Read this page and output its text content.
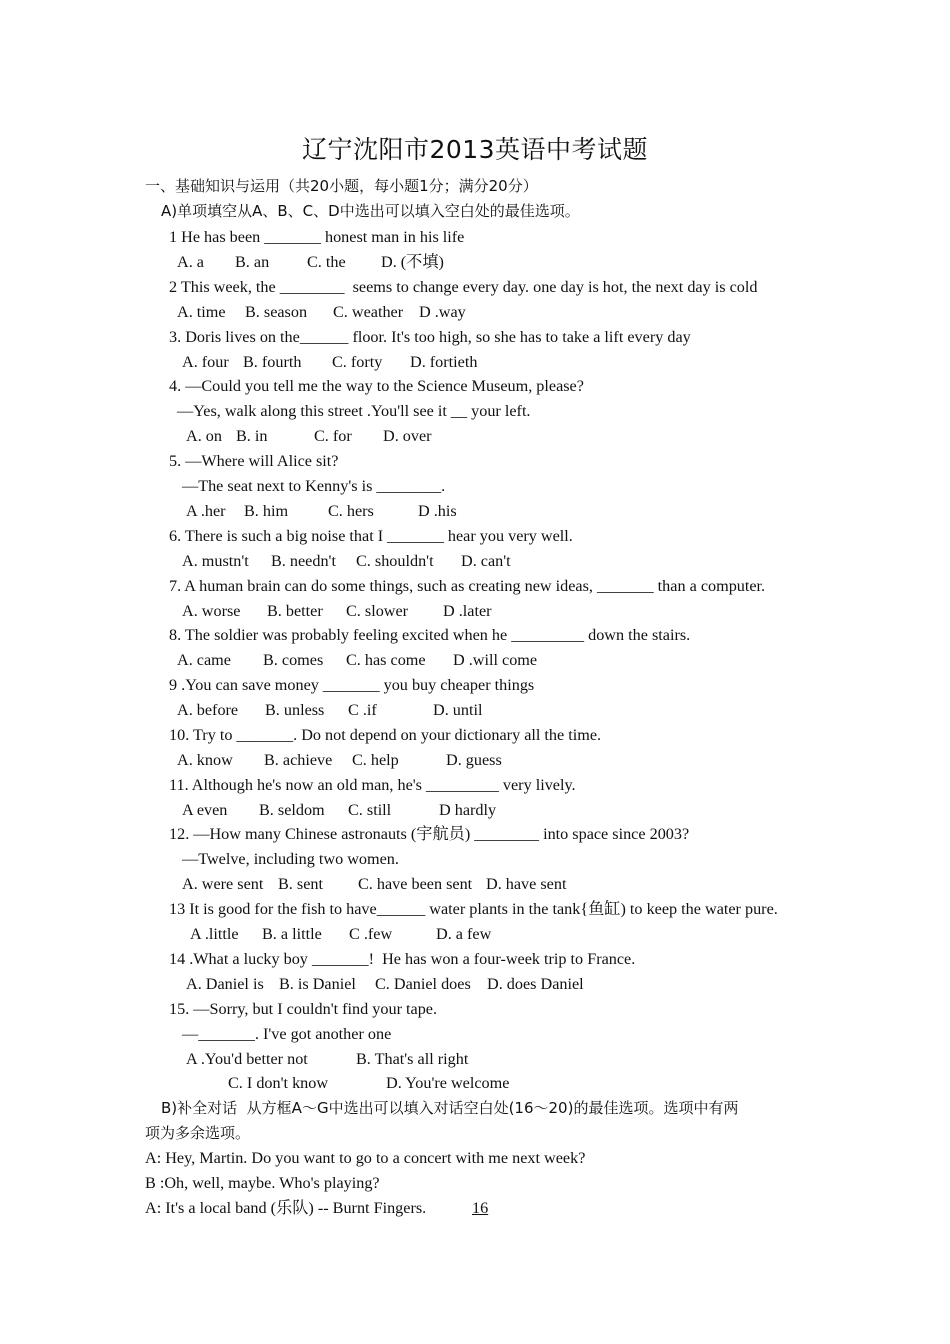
辽宁沈阳市2013英语中考试题
一、基础知识与运用（共20小题，每小题1分；满分20分）
A)单项填空从A、B、C、D中选出可以填入空白处的最佳选项。
1 He has been _______ honest man in his life
A. a B. an C. the D. (不填)
2 This week, the ________  seems to change every day. one day is hot, the next day is cold
A. time B. season C. weather D .way
3. Doris lives on the______ floor. It's too high, so she has to take a lift every day
A. four B. fourth C. forty D. fortieth
4. —Could you tell me the way to the Science Museum, please?
—Yes, walk along this street .You'll see it __ your left.
A. on B. in	C. for D. over
5. —Where will Alice sit?
—The seat next to Kenny's is ________.
A .her B. him C. hers	D .his
6. There is such a big noise that I _______ hear you very well.
A. mustn't B. needn't C. shouldn't D. can't
7. A human brain can do some things, such as creating new ideas, _______ than a computer.
A. worse B. better C. slower D .later
8. The soldier was probably feeling excited when he _________ down the stairs.
A. came B. comes C. has come D .will come
9 .You can save money _______ you buy cheaper things
A. before B. unless C .if	D. until
10. Try to _______. Do not depend on your dictionary all the time.
A. know B. achieve C. help	D. guess
11. Although he's now an old man, he's _________ very lively.
A even B. seldom C. still	D hardly
12. —How many Chinese astronauts (宇航员) ________ into space since 2003?
—Twelve, including two women.
A. were sent B. sent C. have been sent D. have sent
13 It is good for the fish to have______ water plants in the tank{鱼缸) to keep the water pure.
A .little B. a little C .few	D. a few
14 .What a lucky boy _______!  He has won a four-week trip to France.
A. Daniel is B. is Daniel C. Daniel does D. does Daniel
15. —Sorry, but I couldn't find your tape.
—_______. I've got another one
A .You'd better not	B. That's all right
C. I don't know	D. You're welcome
B)补全对话  从方框A～G中选出可以填入对话空白处(16～20)的最佳选项。选项中有两
项为多余选项。
A: Hey, Martin. Do you want to go to a concert with me next week?
B :Oh, well, maybe. Who's playing?
A: It's a local band (乐队) -- Burnt Fingers.	16
